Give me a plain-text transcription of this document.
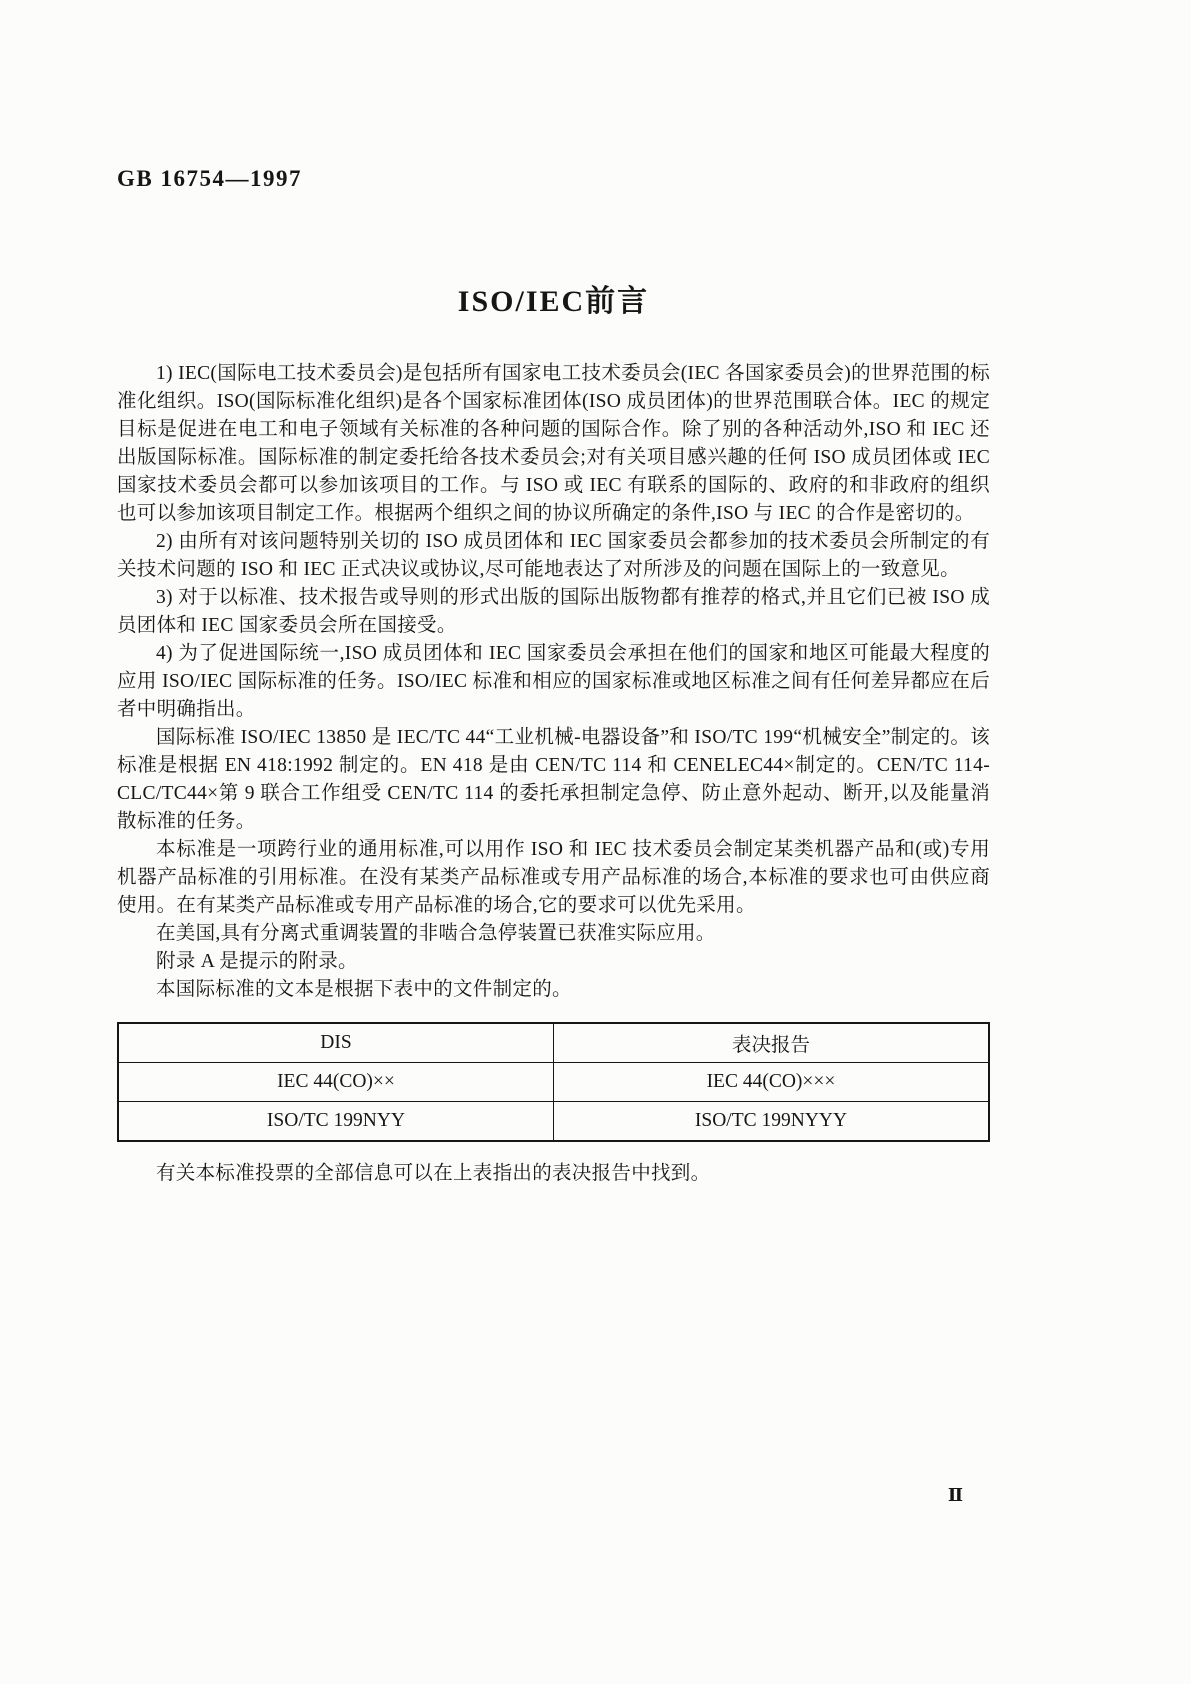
GB 16754—1997
ISO/IEC前言

1) IEC(国际电工技术委员会)是包括所有国家电工技术委员会(IEC 各国家委员会)的世界范围的标准化组织。ISO(国际标准化组织)是各个国家标准团体(ISO 成员团体)的世界范围联合体。IEC 的规定目标是促进在电工和电子领域有关标准的各种问题的国际合作。除了别的各种活动外,ISO 和 IEC 还出版国际标准。国际标准的制定委托给各技术委员会;对有关项目感兴趣的任何 ISO 成员团体或 IEC 国家技术委员会都可以参加该项目的工作。与 ISO 或 IEC 有联系的国际的、政府的和非政府的组织也可以参加该项目制定工作。根据两个组织之间的协议所确定的条件,ISO 与 IEC 的合作是密切的。

2) 由所有对该问题特别关切的 ISO 成员团体和 IEC 国家委员会都参加的技术委员会所制定的有关技术问题的 ISO 和 IEC 正式决议或协议,尽可能地表达了对所涉及的问题在国际上的一致意见。

3) 对于以标准、技术报告或导则的形式出版的国际出版物都有推荐的格式,并且它们已被 ISO 成员团体和 IEC 国家委员会所在国接受。

4) 为了促进国际统一,ISO 成员团体和 IEC 国家委员会承担在他们的国家和地区可能最大程度的应用 ISO/IEC 国际标准的任务。ISO/IEC 标准和相应的国家标准或地区标准之间有任何差异都应在后者中明确指出。

国际标准 ISO/IEC 13850 是 IEC/TC 44“工业机械-电器设备”和 ISO/TC 199“机械安全”制定的。该标准是根据 EN 418:1992 制定的。EN 418 是由 CEN/TC 114 和 CENELEC44×制定的。CEN/TC 114-CLC/TC44×第 9 联合工作组受 CEN/TC 114 的委托承担制定急停、防止意外起动、断开,以及能量消散标准的任务。

本标准是一项跨行业的通用标准,可以用作 ISO 和 IEC 技术委员会制定某类机器产品和(或)专用机器产品标准的引用标准。在没有某类产品标准或专用产品标准的场合,本标准的要求也可由供应商使用。在有某类产品标准或专用产品标准的场合,它的要求可以优先采用。

在美国,具有分离式重调装置的非啮合急停装置已获准实际应用。

附录 A 是提示的附录。

本国际标准的文本是根据下表中的文件制定的。

DIS	表决报告
IEC 44(CO)××	IEC 44(CO)×××
ISO/TC 199NYY	ISO/TC 199NYYY

有关本标准投票的全部信息可以在上表指出的表决报告中找到。

Ⅱ
